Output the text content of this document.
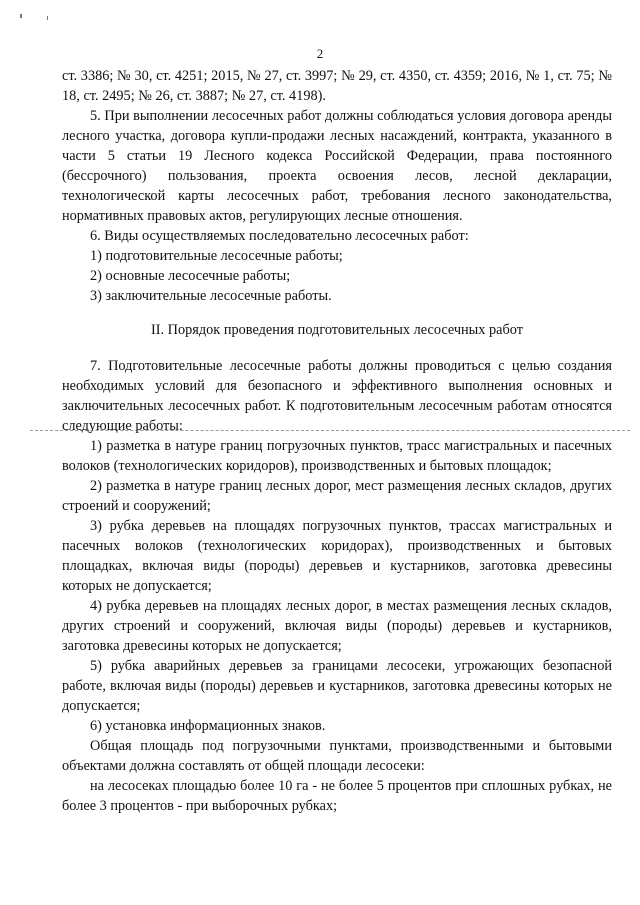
2

ст. 3386; № 30, ст. 4251; 2015, № 27, ст. 3997; № 29, ст. 4350, ст. 4359; 2016, № 1, ст. 75; № 18, ст. 2495; № 26, ст. 3887; № 27, ст. 4198).

5. При выполнении лесосечных работ должны соблюдаться условия договора аренды лесного участка, договора купли-продажи лесных насаждений, контракта, указанного в части 5 статьи 19 Лесного кодекса Российской Федерации, права постоянного (бессрочного) пользования, проекта освоения лесов, лесной декларации, технологической карты лесосечных работ, требования лесного законодательства, нормативных правовых актов, регулирующих лесные отношения.

6. Виды осуществляемых последовательно лесосечных работ:

1) подготовительные лесосечные работы;

2) основные лесосечные работы;

3) заключительные лесосечные работы.

II. Порядок проведения подготовительных лесосечных работ

7. Подготовительные лесосечные работы должны проводиться с целью создания необходимых условий для безопасного и эффективного выполнения основных и заключительных лесосечных работ. К подготовительным лесосечным работам относятся следующие работы:

1) разметка в натуре границ погрузочных пунктов, трасс магистральных и пасечных волоков (технологических коридоров), производственных и бытовых площадок;

2) разметка в натуре границ лесных дорог, мест размещения лесных складов, других строений и сооружений;

3) рубка деревьев на площадях погрузочных пунктов, трассах магистральных и пасечных волоков (технологических коридорах), производственных и бытовых площадках, включая виды (породы) деревьев и кустарников, заготовка древесины которых не допускается;

4) рубка деревьев на площадях лесных дорог, в местах размещения лесных складов, других строений и сооружений, включая виды (породы) деревьев и кустарников, заготовка древесины которых не допускается;

5) рубка аварийных деревьев за границами лесосеки, угрожающих безопасной работе, включая виды (породы) деревьев и кустарников, заготовка древесины которых не допускается;

6) установка информационных знаков.

Общая площадь под погрузочными пунктами, производственными и бытовыми объектами должна составлять от общей площади лесосеки:

на лесосеках площадью более 10 га - не более 5 процентов при сплошных рубках, не более 3 процентов - при выборочных рубках;
